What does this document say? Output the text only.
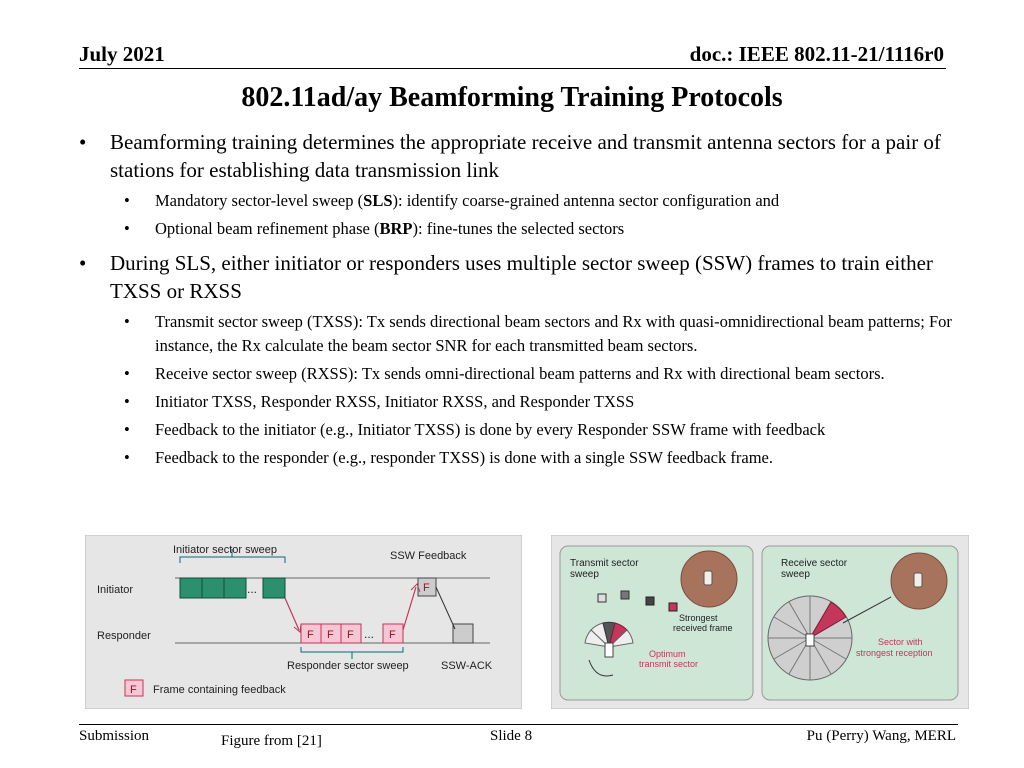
July 2021	doc.: IEEE 802.11-21/1116r0
802.11ad/ay Beamforming Training Protocols
• Beamforming training determines the appropriate receive and transmit antenna sectors for a pair of stations for establishing data transmission link
• Mandatory sector-level sweep (SLS): identify coarse-grained antenna sector configuration and
• Optional beam refinement phase (BRP): fine-tunes the selected sectors
• During SLS, either initiator or responders uses multiple sector sweep (SSW) frames to train either TXSS or RXSS
• Transmit sector sweep (TXSS): Tx sends directional beam sectors and Rx with quasi-omnidirectional beam patterns; For instance, the Rx calculate the beam sector SNR for each transmitted beam sectors.
• Receive sector sweep (RXSS): Tx sends omni-directional beam patterns and Rx with directional beam sectors.
• Initiator TXSS, Responder RXSS, Initiator RXSS, and Responder TXSS
• Feedback to the initiator (e.g., Initiator TXSS) is done by every Responder SSW frame with feedback
• Feedback to the responder (e.g., responder TXSS) is done with a single SSW feedback frame.
Initiator sector sweep	SSW Feedback
Initiator	...	F
Responder	F F F ... F
Responder sector sweep	SSW-ACK
F Frame containing feedback
Transmit sector
sweep
Strongest
received frame
Optimum
transmit sector
Receive sector
sweep
Sector with
strongest reception
Submission	Figure from [21]	Slide 8	Pu (Perry) Wang, MERL
